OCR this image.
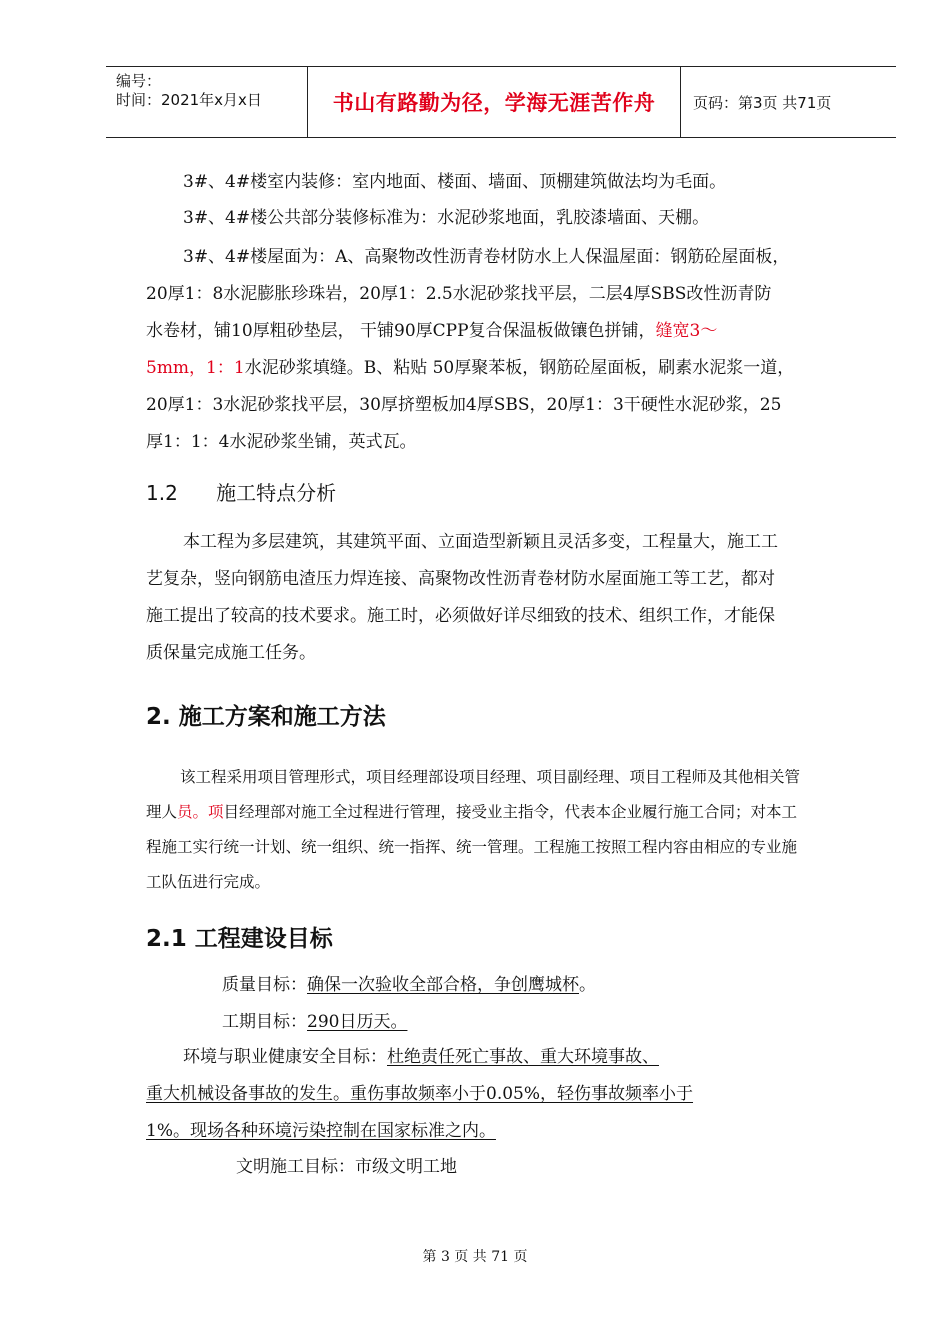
编号：
时间：2021年x月x日	书山有路勤为径，学海无涯苦作舟	页码：第3页 共71页
3#、4#楼室内装修：室内地面、楼面、墙面、顶棚建筑做法均为毛面。
3#、4#楼公共部分装修标准为：水泥砂浆地面，乳胶漆墙面、天棚。
3#、4#楼屋面为：A、高聚物改性沥青卷材防水上人保温屋面：钢筋砼屋面板，
20厚1：8水泥膨胀珍珠岩，20厚1：2.5水泥砂浆找平层，二层4厚SBS改性沥青防
水卷材，铺10厚粗砂垫层， 干铺90厚CPP复合保温板做镶色拼铺，缝宽3～
5mm，1：1水泥砂浆填缝。B、粘贴 50厚聚苯板，钢筋砼屋面板，刷素水泥浆一道，
20厚1：3水泥砂浆找平层，30厚挤塑板加4厚SBS，20厚1：3干硬性水泥砂浆，25
厚1：1：4水泥砂浆坐铺，英式瓦。
1.2 施工特点分析
本工程为多层建筑，其建筑平面、立面造型新颖且灵活多变，工程量大，施工工
艺复杂，竖向钢筋电渣压力焊连接、高聚物改性沥青卷材防水屋面施工等工艺，都对
施工提出了较高的技术要求。施工时，必须做好详尽细致的技术、组织工作，才能保
质保量完成施工任务。
2. 施工方案和施工方法
该工程采用项目管理形式，项目经理部设项目经理、项目副经理、项目工程师及其他相关管
理人员。项目经理部对施工全过程进行管理，接受业主指令，代表本企业履行施工合同；对本工
程施工实行统一计划、统一组织、统一指挥、统一管理。工程施工按照工程内容由相应的专业施
工队伍进行完成。
2.1 工程建设目标
质量目标：确保一次验收全部合格，争创鹰城杯。
工期目标：290日历天。
环境与职业健康安全目标：杜绝责任死亡事故、重大环境事故、
重大机械设备事故的发生。重伤事故频率小于0.05%，轻伤事故频率小于
1%。现场各种环境污染控制在国家标准之内。
文明施工目标：市级文明工地
第 3 页 共 71 页
